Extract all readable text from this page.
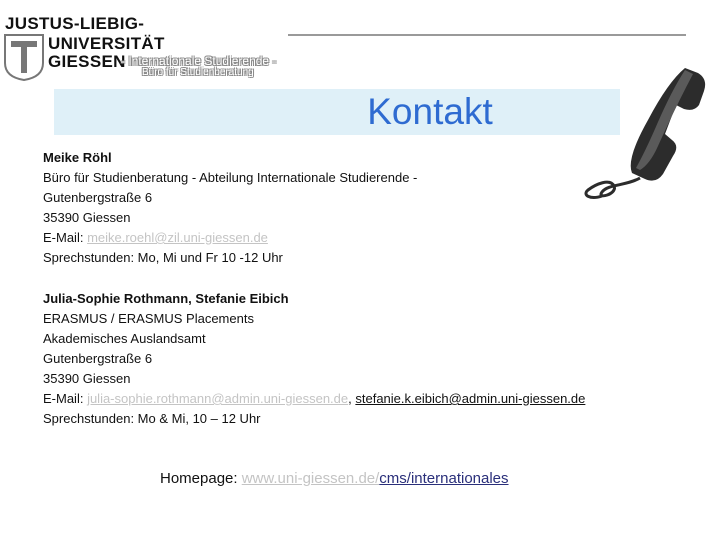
JUSTUS-LIEBIG-
UNIVERSITÄT
GIESSEN
- Internationale Studierende -
Büro für Studienberatung
Kontakt
Meike Röhl
Büro für Studienberatung - Abteilung Internationale Studierende -
Gutenbergstraße 6
35390 Giessen
E-Mail: meike.roehl@zil.uni-giessen.de
Sprechstunden: Mo, Mi und Fr 10 -12 Uhr
Julia-Sophie Rothmann, Stefanie Eibich
ERASMUS / ERASMUS Placements
Akademisches Auslandsamt
Gutenbergstraße 6
35390 Giessen
E-Mail: julia-sophie.rothmann@admin.uni-giessen.de, stefanie.k.eibich@admin.uni-giessen.de
Sprechstunden: Mo & Mi, 10 – 12 Uhr
Homepage: www.uni-giessen.de/cms/internationales
